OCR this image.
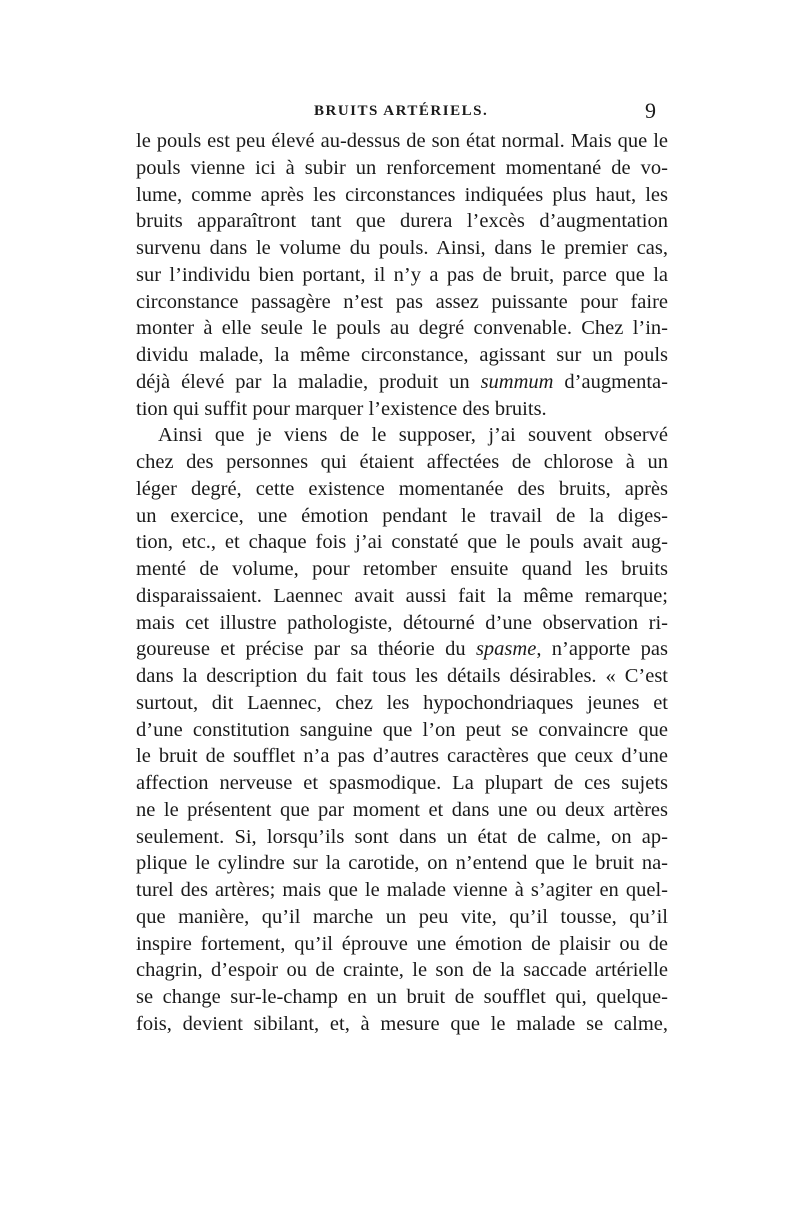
BRUITS ARTÉRIELS.	9
le pouls est peu élevé au-dessus de son état normal. Mais que le
pouls vienne ici à subir un renforcement momentané de vo-
lume, comme après les circonstances indiquées plus haut, les
bruits apparaîtront tant que durera l’excès d’augmentation
survenu dans le volume du pouls. Ainsi, dans le premier cas,
sur l’individu bien portant, il n’y a pas de bruit, parce que la
circonstance passagère n’est pas assez puissante pour faire
monter à elle seule le pouls au degré convenable. Chez l’in-
dividu malade, la même circonstance, agissant sur un pouls
déjà élevé par la maladie, produit un summum d’augmenta-
tion qui suffit pour marquer l’existence des bruits.
Ainsi que je viens de le supposer, j’ai souvent observé
chez des personnes qui étaient affectées de chlorose à un
léger degré, cette existence momentanée des bruits, après
un exercice, une émotion pendant le travail de la diges-
tion, etc., et chaque fois j’ai constaté que le pouls avait aug-
menté de volume, pour retomber ensuite quand les bruits
disparaissaient. Laennec avait aussi fait la même remarque;
mais cet illustre pathologiste, détourné d’une observation ri-
goureuse et précise par sa théorie du spasme, n’apporte pas
dans la description du fait tous les détails désirables. « C’est
surtout, dit Laennec, chez les hypochondriaques jeunes et
d’une constitution sanguine que l’on peut se convaincre que
le bruit de soufflet n’a pas d’autres caractères que ceux d’une
affection nerveuse et spasmodique. La plupart de ces sujets
ne le présentent que par moment et dans une ou deux artères
seulement. Si, lorsqu’ils sont dans un état de calme, on ap-
plique le cylindre sur la carotide, on n’entend que le bruit na-
turel des artères; mais que le malade vienne à s’agiter en quel-
que manière, qu’il marche un peu vite, qu’il tousse, qu’il
inspire fortement, qu’il éprouve une émotion de plaisir ou de
chagrin, d’espoir ou de crainte, le son de la saccade artérielle
se change sur-le-champ en un bruit de soufflet qui, quelque-
fois, devient sibilant, et, à mesure que le malade se calme,
